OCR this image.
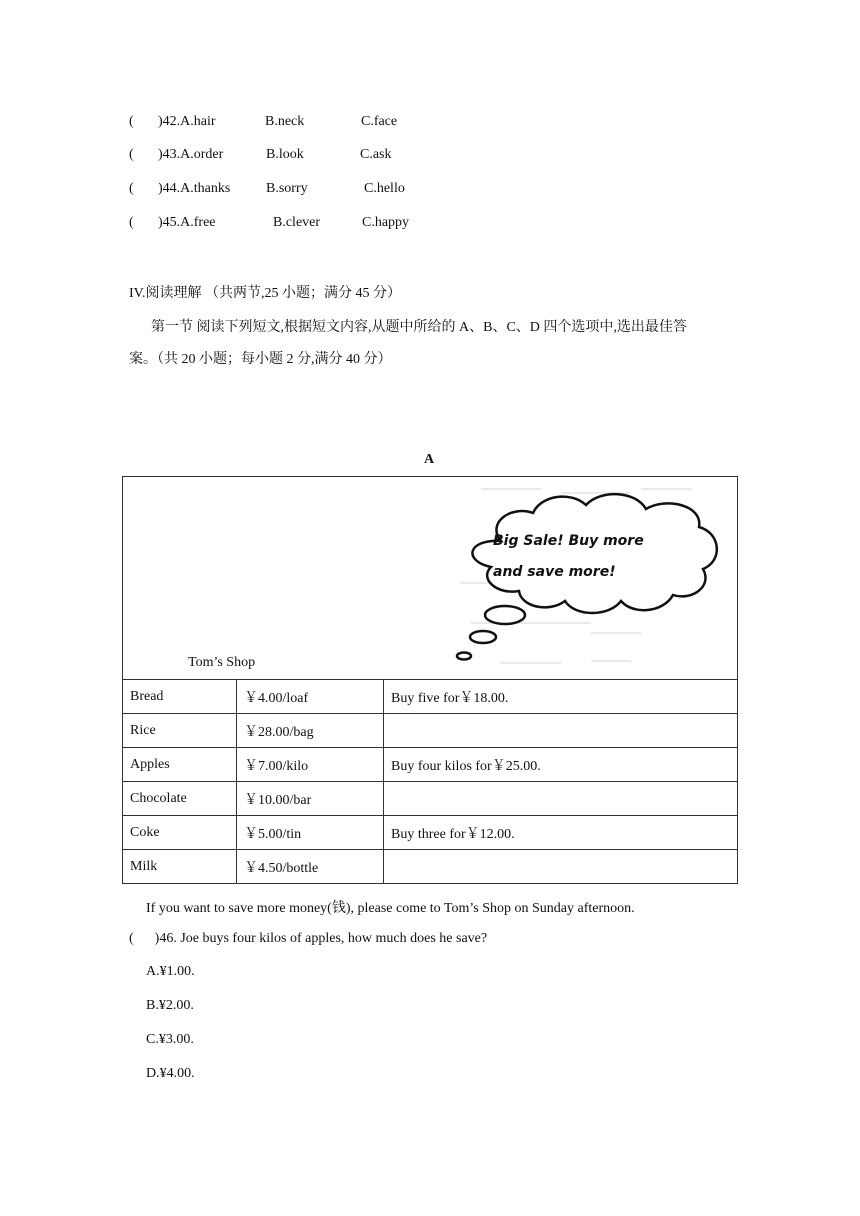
( )42.A.hair	B.neck	C.face
( )43.A.order	B.look	C.ask
( )44.A.thanks	B.sorry	C.hello
( )45.A.free	B.clever	C.happy
IV.阅读理解 （共两节,25 小题；满分 45 分）
第一节 阅读下列短文,根据短文内容,从题中所给的 A、B、C、D 四个选项中,选出最佳答
案。（共 20 小题；每小题 2 分,满分 40 分）
A
Tom’s Shop
Big Sale! Buy more
and save more!		

Bread	￥4.00/loaf	Buy five for￥18.00.
Rice	￥28.00/bag	
Apples	￥7.00/kilo	Buy four kilos for￥25.00.
Chocolate	￥10.00/bar	
Coke	￥5.00/tin	Buy three for￥12.00.
Milk	￥4.50/bottle	
If you want to save more money(钱), please come to Tom’s Shop on Sunday afternoon.
(      )46. Joe buys four kilos of apples, how much does he save?
A.¥1.00.
B.¥2.00.
C.¥3.00.
D.¥4.00.
